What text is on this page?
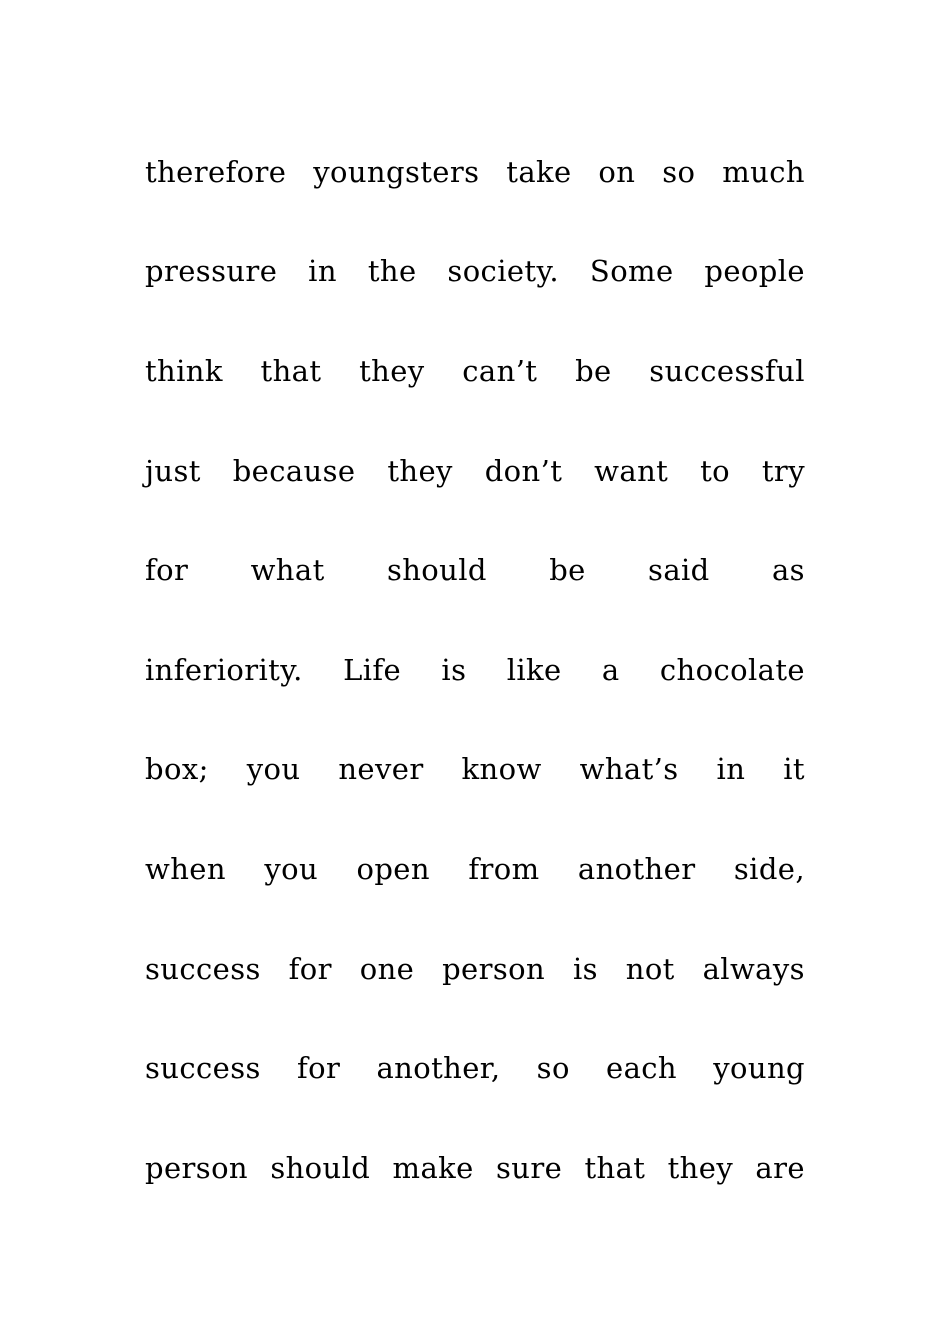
therefore youngsters take on so much
pressure in the society. Some people
think that they can’t be successful
just because they don’t want to try
for what should be said as
inferiority. Life is like a chocolate
box; you never know what’s in it
when you open from another side,
success for one person is not always
success for another, so each young
person should make sure that they are
